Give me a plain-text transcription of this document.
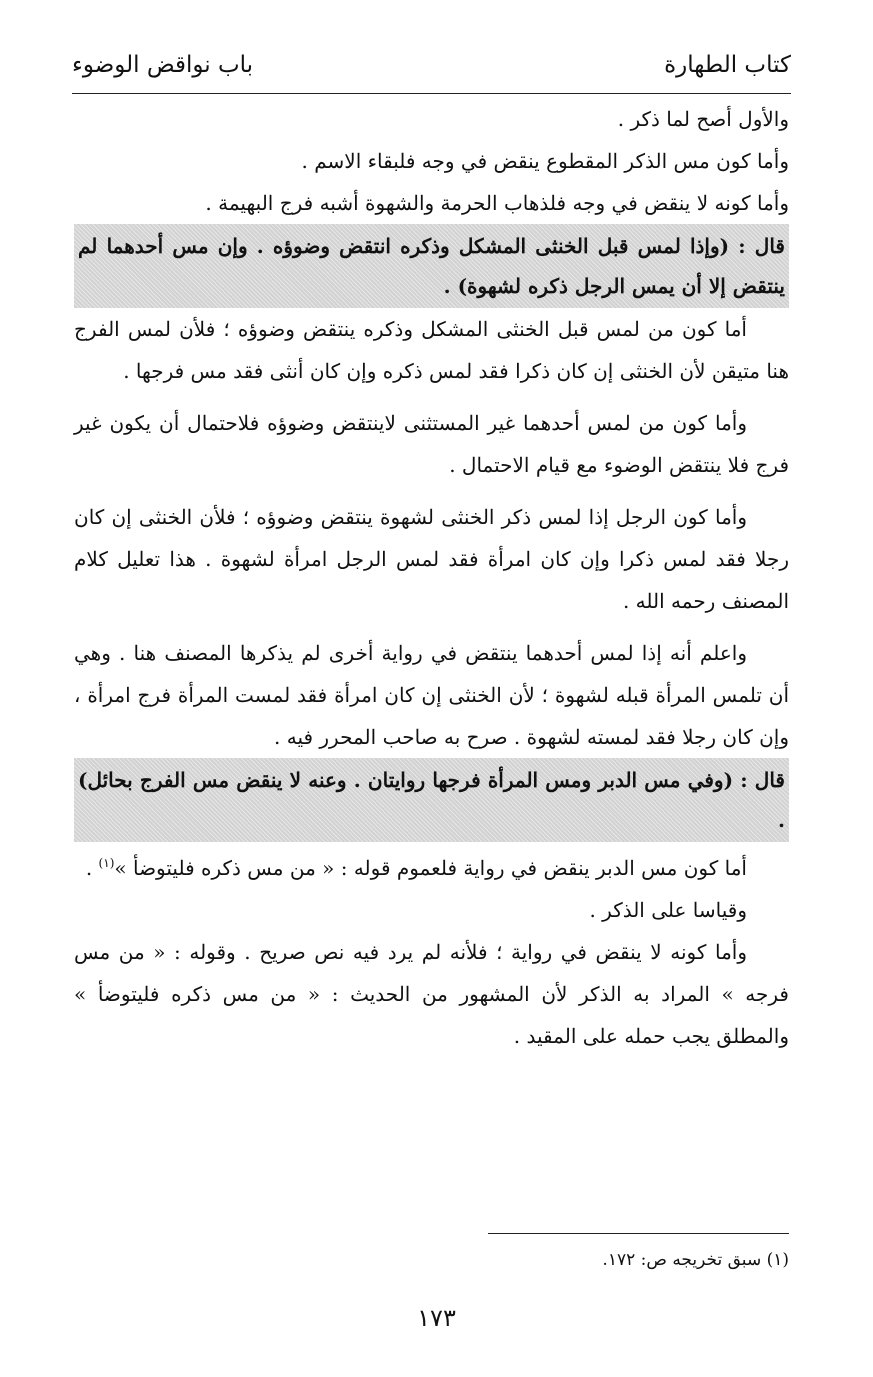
كتاب الطهارة
باب نواقض الوضوء

والأول أصح لما ذكر .

وأما كون مس الذكر المقطوع ينقض في وجه فلبقاء الاسم .

وأما كونه لا ينقض في وجه فلذهاب الحرمة والشهوة أشبه فرج البهيمة .

قال : (وإذا لمس قبل الخنثى المشكل وذكره انتقض وضوؤه . وإن مس أحدهما لم ينتقض إلا أن يمس الرجل ذكره لشهوة) .

أما كون من لمس قبل الخنثى المشكل وذكره ينتقض وضوؤه ؛ فلأن لمس الفرج هنا متيقن لأن الخنثى إن كان ذكرا فقد لمس ذكره وإن كان أنثى فقد مس فرجها .

وأما كون من لمس أحدهما غير المستثنى لاينتقض وضوؤه فلاحتمال أن يكون غير فرج فلا ينتقض الوضوء مع قيام الاحتمال .

وأما كون الرجل إذا لمس ذكر الخنثى لشهوة ينتقض وضوؤه ؛ فلأن الخنثى إن كان رجلا فقد لمس ذكرا وإن كان امرأة فقد لمس الرجل امرأة لشهوة . هذا تعليل كلام المصنف رحمه الله .

واعلم أنه إذا لمس أحدهما ينتقض في رواية أخرى لم يذكرها المصنف هنا . وهي أن تلمس المرأة قبله لشهوة ؛ لأن الخنثى إن كان امرأة فقد لمست المرأة فرج امرأة ، وإن كان رجلا فقد لمسته لشهوة . صرح به صاحب المحرر فيه .

قال : (وفي مس الدبر ومس المرأة فرجها روايتان . وعنه لا ينقض مس الفرج بحائل) .

أما كون مس الدبر ينقض في رواية فلعموم قوله : « من مس ذكره فليتوضأ »$^{(١)}$ .

وقياسا على الذكر .

وأما كونه لا ينقض في رواية ؛ فلأنه لم يرد فيه نص صريح . وقوله : « من مس فرجه » المراد به الذكر لأن المشهور من الحديث : « من مس ذكره فليتوضأ » والمطلق يجب حمله على المقيد .

(١) سبق تخريجه ص: ١٧٢.
١٧٣
